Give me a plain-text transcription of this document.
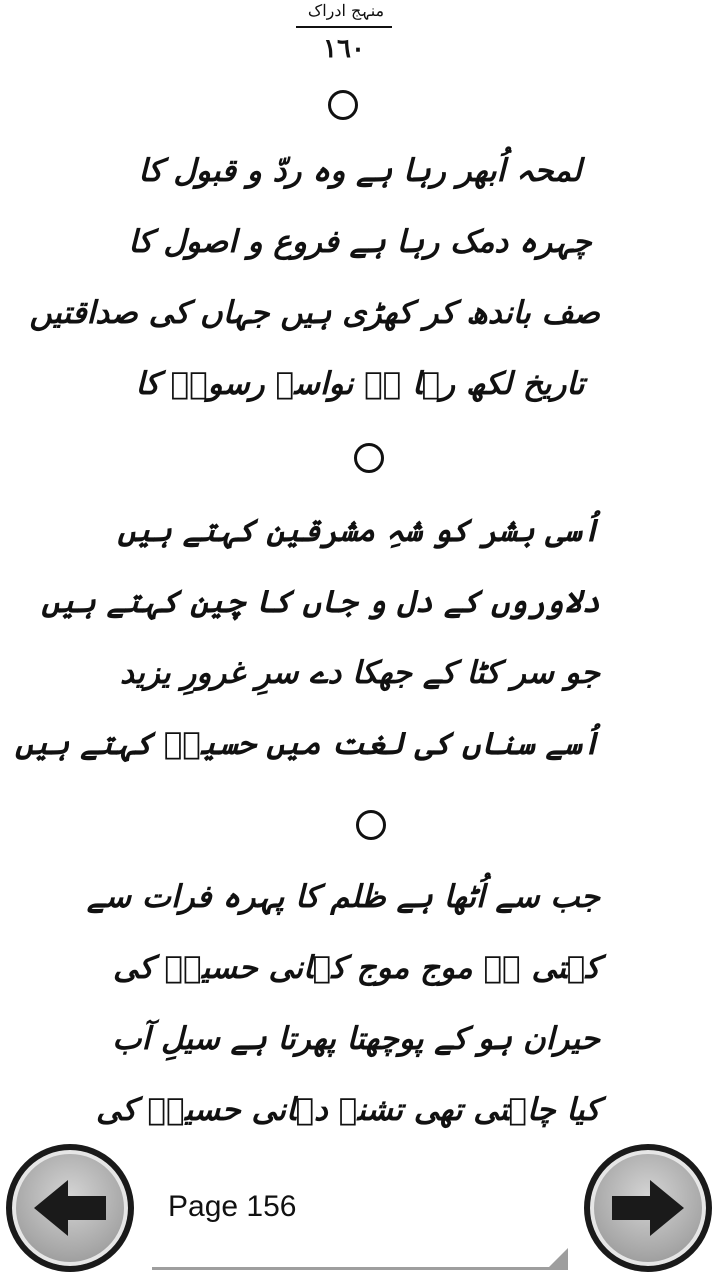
منہج ادراک
١٦٠
لمحہ اُبھر رہا ہے وہ ردّ و قبول کا
چہرہ دمک رہا ہے فروع و اصول کا
صف باندھ کر کھڑی ہیں جہاں کی صداقتیں
تاریخ لکھ رہا ہے نواسہ رسولؐ کا
اُسی بشر کو شہِ مشرقین کہتے ہیں
دلاوروں کے دل و جاں کا چین کہتے ہیں
جو سر کٹا کے جھکا دے سرِ غرورِ یزید
اُسے سناں کی لغت میں حسینؑ کہتے ہیں
جب سے اُٹھا ہے ظلم کا پہرہ فرات سے
کہتی ہے موج موج کہانی حسینؑ کی
حیران ہو کے پوچھتا پھرتا ہے سیلِ آب
کیا چاہتی تھی تشنہ دہانی حسینؑ کی
Page 156
